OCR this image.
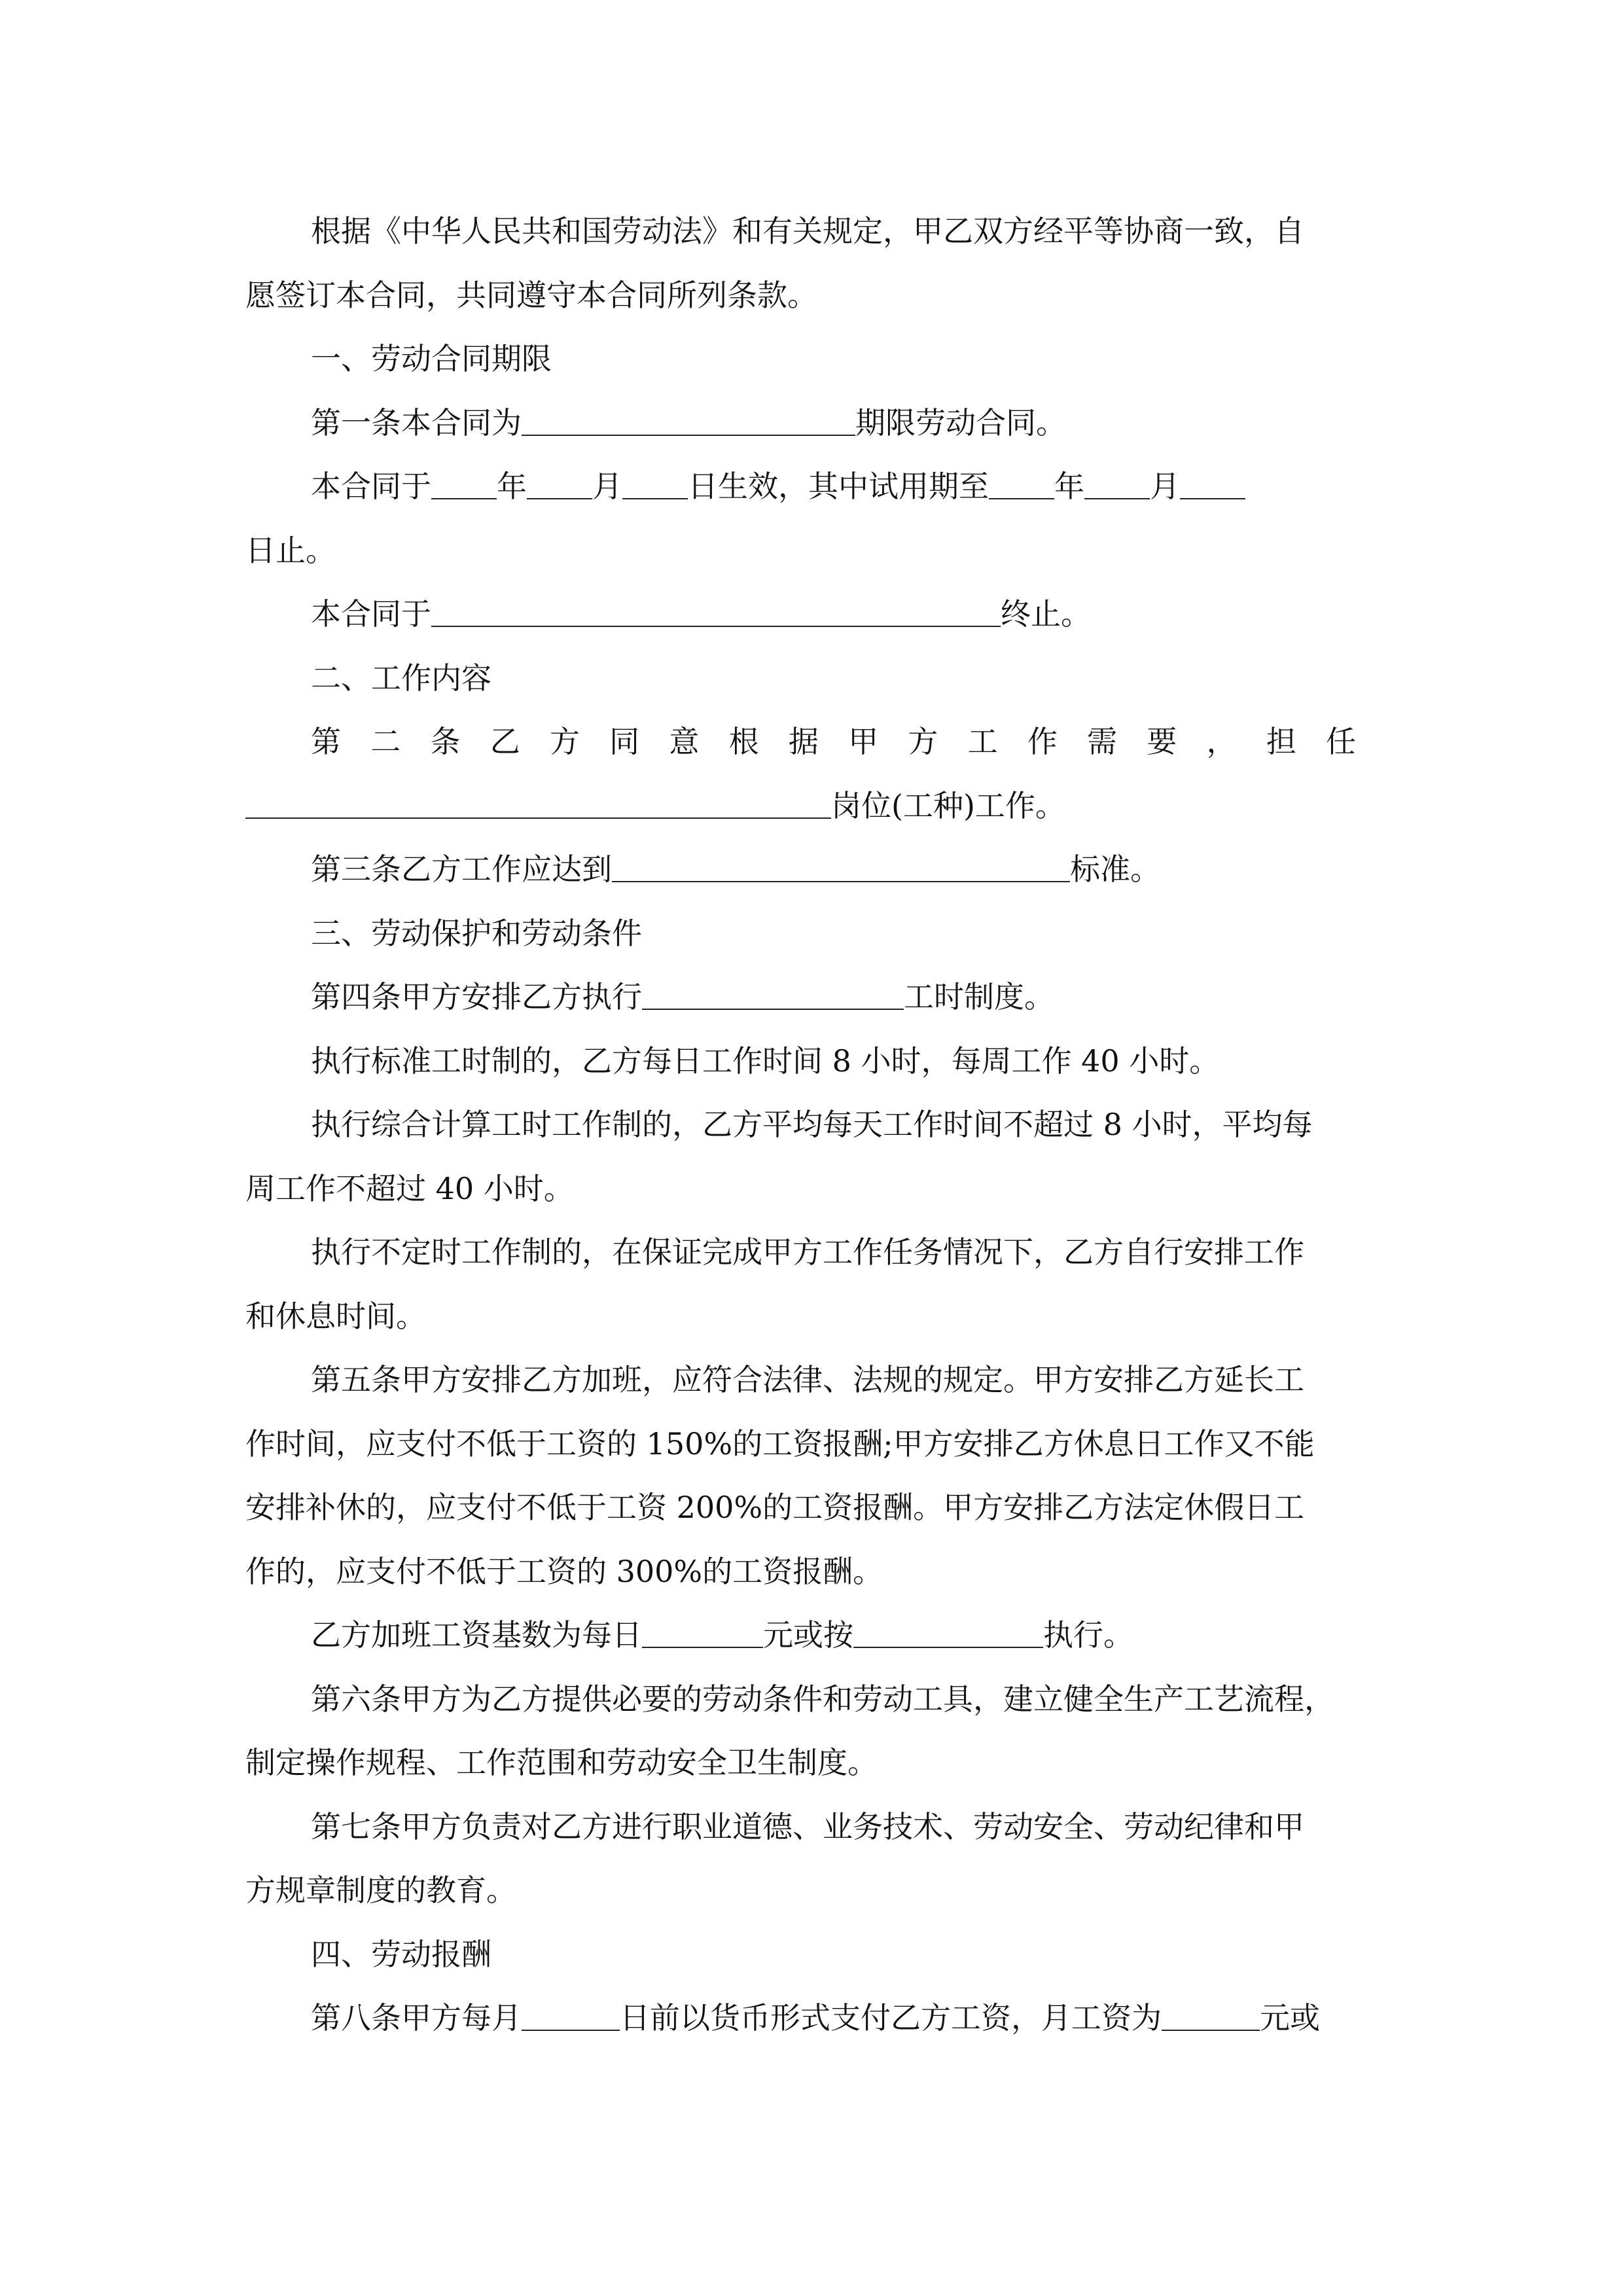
根据《中华人民共和国劳动法》和有关规定，甲乙双方经平等协商一致，自

愿签订本合同，共同遵守本合同所列条款。

一、劳动合同期限

第一条本合同为	期限劳动合同。

本合同于 年 月 日生效，其中试用期至 年 月

日止。

本合同于	终止。

二、工作内容

第二条乙方同意根据甲方工作需要，担任

岗位(工种)工作。

第三条乙方工作应达到	标准。

三、劳动保护和劳动条件

第四条甲方安排乙方执行	工时制度。

执行标准工时制的，乙方每日工作时间 8 小时，每周工作 40 小时。

执行综合计算工时工作制的，乙方平均每天工作时间不超过 8 小时，平均每

周工作不超过 40 小时。

执行不定时工作制的，在保证完成甲方工作任务情况下，乙方自行安排工作

和休息时间。

第五条甲方安排乙方加班，应符合法律、法规的规定。甲方安排乙方延长工

作时间，应支付不低于工资的 150%的工资报酬;甲方安排乙方休息日工作又不能

安排补休的，应支付不低于工资 200%的工资报酬。甲方安排乙方法定休假日工

作的，应支付不低于工资的 300%的工资报酬。

乙方加班工资基数为每日	元或按	执行。

第六条甲方为乙方提供必要的劳动条件和劳动工具，建立健全生产工艺流程，

制定操作规程、工作范围和劳动安全卫生制度。

第七条甲方负责对乙方进行职业道德、业务技术、劳动安全、劳动纪律和甲

方规章制度的教育。

四、劳动报酬

第八条甲方每月	日前以货币形式支付乙方工资，月工资为	元或
